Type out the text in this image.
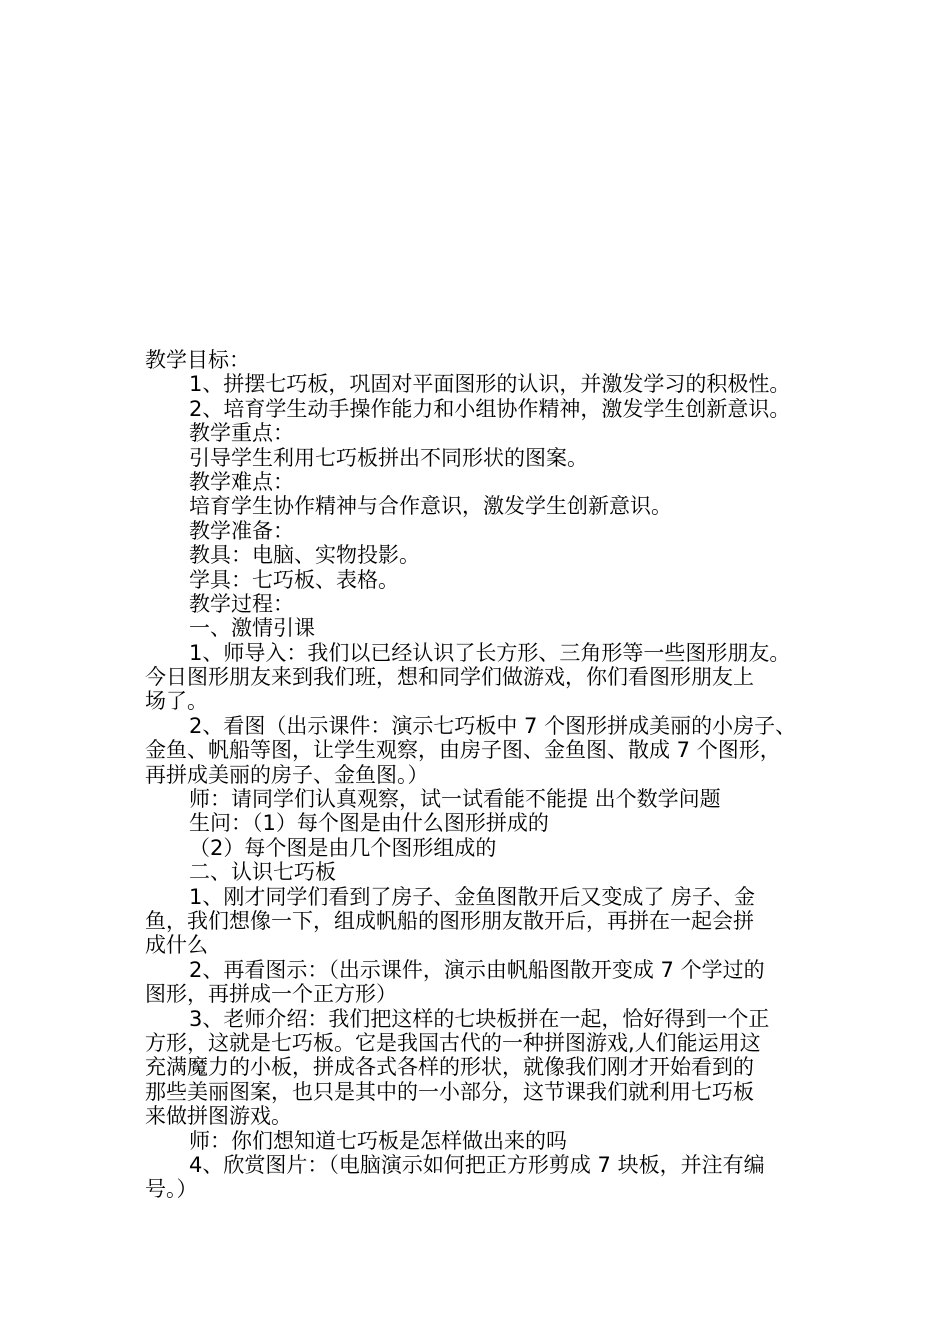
教学目标：
1、拼摆七巧板，巩固对平面图形的认识，并激发学习的积极性。
2、培育学生动手操作能力和小组协作精神，激发学生创新意识。
教学重点：
引导学生利用七巧板拼出不同形状的图案。
教学难点：
培育学生协作精神与合作意识，激发学生创新意识。
教学准备：
教具：电脑、实物投影。
学具：七巧板、表格。
教学过程：
一、激情引课
1、师导入：我们以已经认识了长方形、三角形等一些图形朋友。
今日图形朋友来到我们班，想和同学们做游戏，你们看图形朋友上
场了。
2、看图（出示课件：演示七巧板中 7 个图形拼成美丽的小房子、
金鱼、帆船等图，让学生观察，由房子图、金鱼图、散成 7 个图形，
再拼成美丽的房子、金鱼图。）
师：请同学们认真观察，试一试看能不能提 出个数学问题
生问：（1）每个图是由什么图形拼成的
（2）每个图是由几个图形组成的
二、认识七巧板
1、刚才同学们看到了房子、金鱼图散开后又变成了 房子、金
鱼，我们想像一下，组成帆船的图形朋友散开后，再拼在一起会拼
成什么
2、再看图示：（出示课件，演示由帆船图散开变成 7 个学过的
图形，再拼成一个正方形）
3、老师介绍：我们把这样的七块板拼在一起，恰好得到一个正
方形，这就是七巧板。它是我国古代的一种拼图游戏,人们能运用这
充满魔力的小板，拼成各式各样的形状，就像我们刚才开始看到的
那些美丽图案，也只是其中的一小部分，这节课我们就利用七巧板
来做拼图游戏。
师：你们想知道七巧板是怎样做出来的吗
4、欣赏图片：（电脑演示如何把正方形剪成 7 块板，并注有编
号。）
